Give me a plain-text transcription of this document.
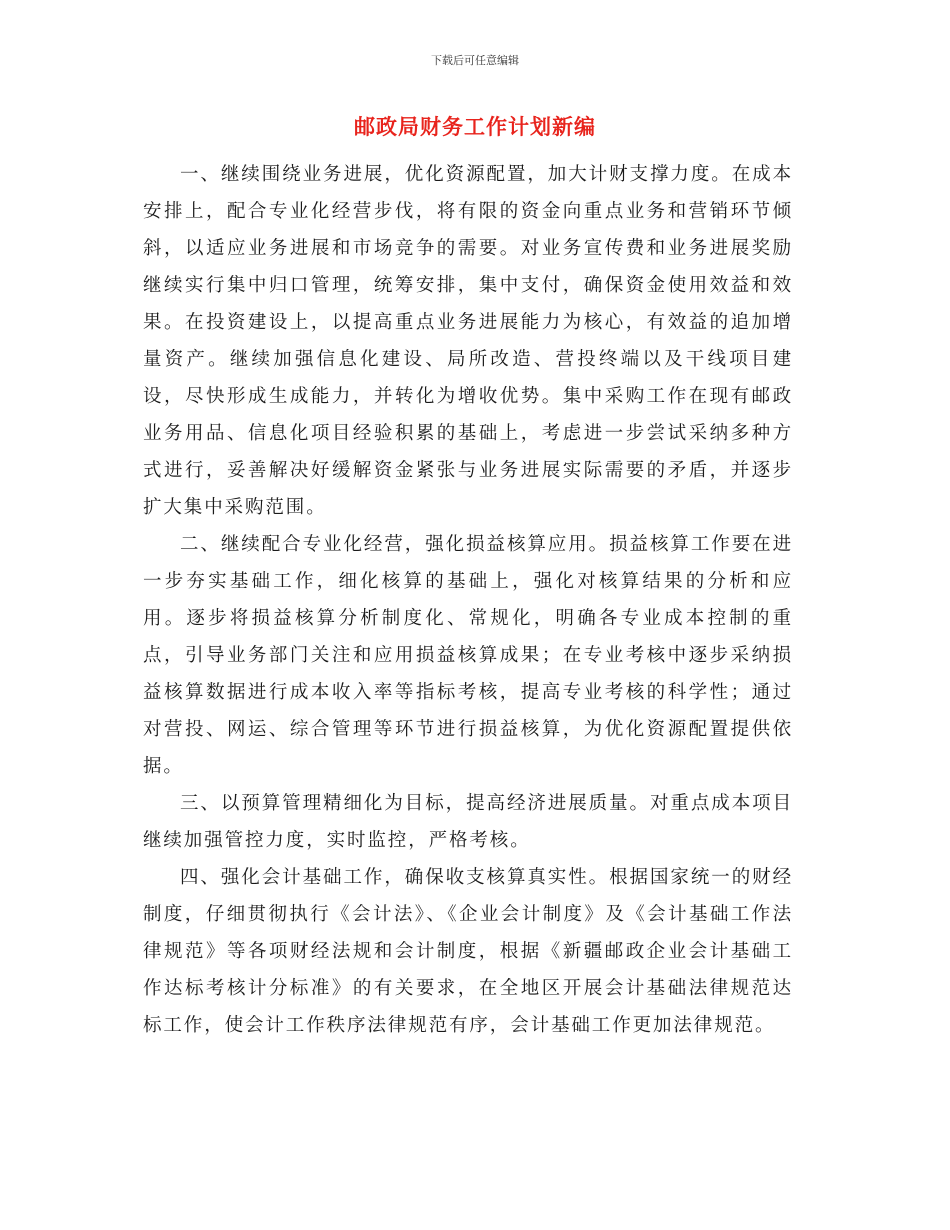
下载后可任意编辑
邮政局财务工作计划新编

一、继续围绕业务进展，优化资源配置，加大计财支撑力度。在成本安排上，配合专业化经营步伐，将有限的资金向重点业务和营销环节倾斜，以适应业务进展和市场竞争的需要。对业务宣传费和业务进展奖励继续实行集中归口管理，统筹安排，集中支付，确保资金使用效益和效果。在投资建设上，以提高重点业务进展能力为核心，有效益的追加增量资产。继续加强信息化建设、局所改造、营投终端以及干线项目建设，尽快形成生成能力，并转化为增收优势。集中采购工作在现有邮政业务用品、信息化项目经验积累的基础上，考虑进一步尝试采纳多种方式进行，妥善解决好缓解资金紧张与业务进展实际需要的矛盾，并逐步扩大集中采购范围。

二、继续配合专业化经营，强化损益核算应用。损益核算工作要在进一步夯实基础工作，细化核算的基础上，强化对核算结果的分析和应用。逐步将损益核算分析制度化、常规化，明确各专业成本控制的重点，引导业务部门关注和应用损益核算成果；在专业考核中逐步采纳损益核算数据进行成本收入率等指标考核，提高专业考核的科学性；通过对营投、网运、综合管理等环节进行损益核算，为优化资源配置提供依据。

三、以预算管理精细化为目标，提高经济进展质量。对重点成本项目继续加强管控力度，实时监控，严格考核。

四、强化会计基础工作，确保收支核算真实性。根据国家统一的财经制度，仔细贯彻执行《会计法》、《企业会计制度》及《会计基础工作法律规范》等各项财经法规和会计制度，根据《新疆邮政企业会计基础工作达标考核计分标准》的有关要求，在全地区开展会计基础法律规范达标工作，使会计工作秩序法律规范有序，会计基础工作更加法律规范。
